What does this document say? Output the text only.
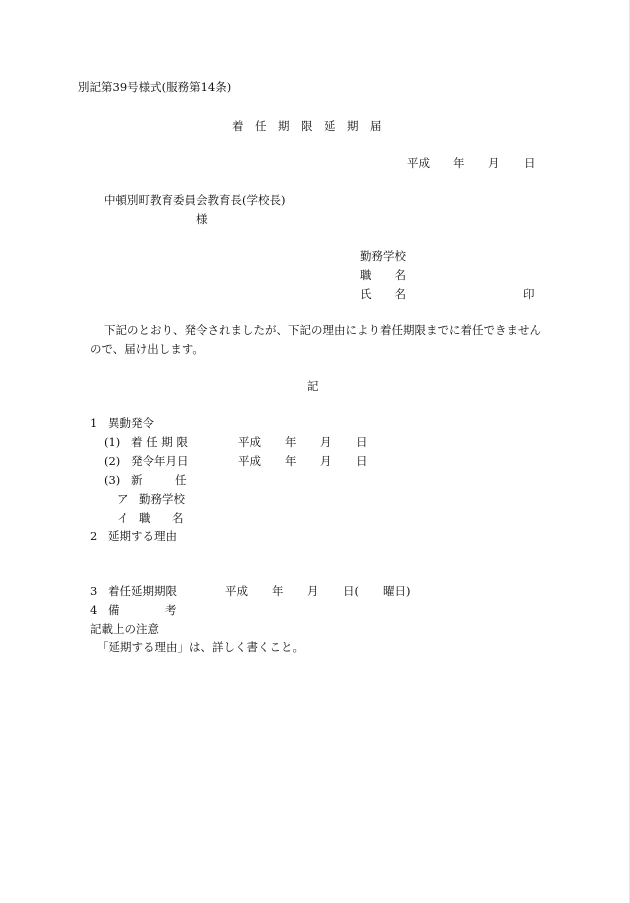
別記第39号様式(服務第14条)
着　任　期　限　延　期　届
平成 年 月 日
中頓別町教育委員会教育長(学校長)
様
勤務学校
職　　名
氏　　名	印
下記のとおり、発令されましたが、下記の理由により着任期限までに着任できません
ので、届け出します。
記
1 異動発令
(1) 着 任 期 限	平成 年 月 日
(2) 発令年月日	平成 年 月 日
(3) 新	任
ア 勤務学校
イ 職 名
2 延期する理由
3 着任延期期限	平成 年 月 日( 曜日)
4 備	考
記載上の注意
「延期する理由」は、詳しく書くこと。
